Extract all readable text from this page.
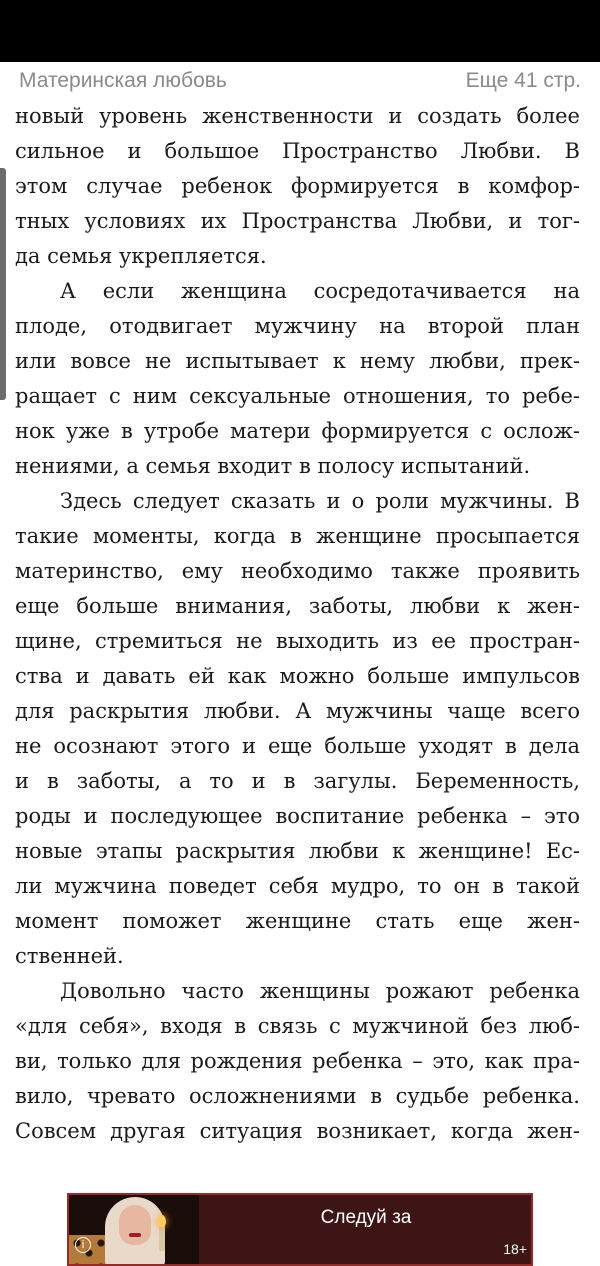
Материнская любовь	Еще 41 стр.
новый уровень женственности и создать более
сильное и большое Пространство Любви. В
этом случае ребенок формируется в комфор-
тных условиях их Пространства Любви, и тог-
да семья укрепляется.
А если женщина сосредотачивается на
плоде, отодвигает мужчину на второй план
или вовсе не испытывает к нему любви, прек-
ращает с ним сексуальные отношения, то ребе-
нок уже в утробе матери формируется с ослож-
нениями, а семья входит в полосу испытаний.
Здесь следует сказать и о роли мужчины. В
такие моменты, когда в женщине просыпается
материнство, ему необходимо также проявить
еще больше внимания, заботы, любви к жен-
щине, стремиться не выходить из ее простран-
ства и давать ей как можно больше импульсов
для раскрытия любви. А мужчины чаще всего
не осознают этого и еще больше уходят в дела
и в заботы, а то и в загулы. Беременность,
роды и последующее воспитание ребенка – это
новые этапы раскрытия любви к женщине! Ес-
ли мужчина поведет себя мудро, то он в такой
момент поможет женщине стать еще жен-
ственней.
Довольно часто женщины рожают ребенка
«для себя», входя в связь с мужчиной без люб-
ви, только для рождения ребенка – это, как пра-
вило, чревато осложнениями в судьбе ребенка.
Совсем другая ситуация возникает, когда жен-
i
Следуй за
18+
